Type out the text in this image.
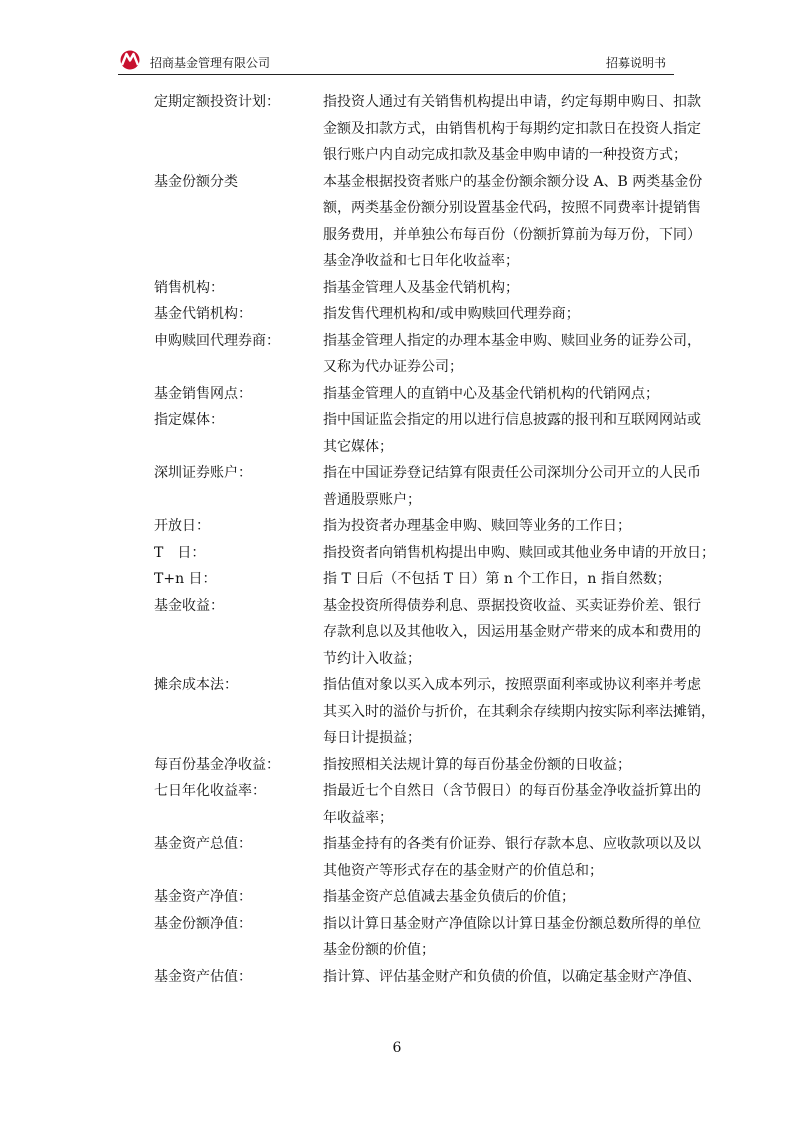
招商基金管理有限公司	招募说明书
定期定额投资计划：	指投资人通过有关销售机构提出申请，约定每期申购日、扣款
金额及扣款方式，由销售机构于每期约定扣款日在投资人指定
银行账户内自动完成扣款及基金申购申请的一种投资方式；
基金份额分类	本基金根据投资者账户的基金份额余额分设 A、B 两类基金份
额，两类基金份额分别设置基金代码，按照不同费率计提销售
服务费用，并单独公布每百份（份额折算前为每万份，下同）
基金净收益和七日年化收益率；
销售机构：	指基金管理人及基金代销机构；
基金代销机构：	指发售代理机构和/或申购赎回代理券商；
申购赎回代理券商：	指基金管理人指定的办理本基金申购、赎回业务的证券公司，
又称为代办证券公司；
基金销售网点：	指基金管理人的直销中心及基金代销机构的代销网点；
指定媒体：	指中国证监会指定的用以进行信息披露的报刊和互联网网站或
其它媒体；
深圳证券账户：	指在中国证券登记结算有限责任公司深圳分公司开立的人民币
普通股票账户；
开放日：	指为投资者办理基金申购、赎回等业务的工作日；
T　日：	指投资者向销售机构提出申购、赎回或其他业务申请的开放日；
T+n 日：	指 T 日后（不包括 T 日）第 n 个工作日，n 指自然数；
基金收益：	基金投资所得债券利息、票据投资收益、买卖证券价差、银行
存款利息以及其他收入，因运用基金财产带来的成本和费用的
节约计入收益；
摊余成本法：	指估值对象以买入成本列示，按照票面利率或协议利率并考虑
其买入时的溢价与折价，在其剩余存续期内按实际利率法摊销，
每日计提损益；
每百份基金净收益：	指按照相关法规计算的每百份基金份额的日收益；
七日年化收益率：	指最近七个自然日（含节假日）的每百份基金净收益折算出的
年收益率；
基金资产总值：	指基金持有的各类有价证券、银行存款本息、应收款项以及以
其他资产等形式存在的基金财产的价值总和；
基金资产净值：	指基金资产总值减去基金负债后的价值；
基金份额净值：	指以计算日基金财产净值除以计算日基金份额总数所得的单位
基金份额的价值；
基金资产估值：	指计算、评估基金财产和负债的价值，以确定基金财产净值、
6
